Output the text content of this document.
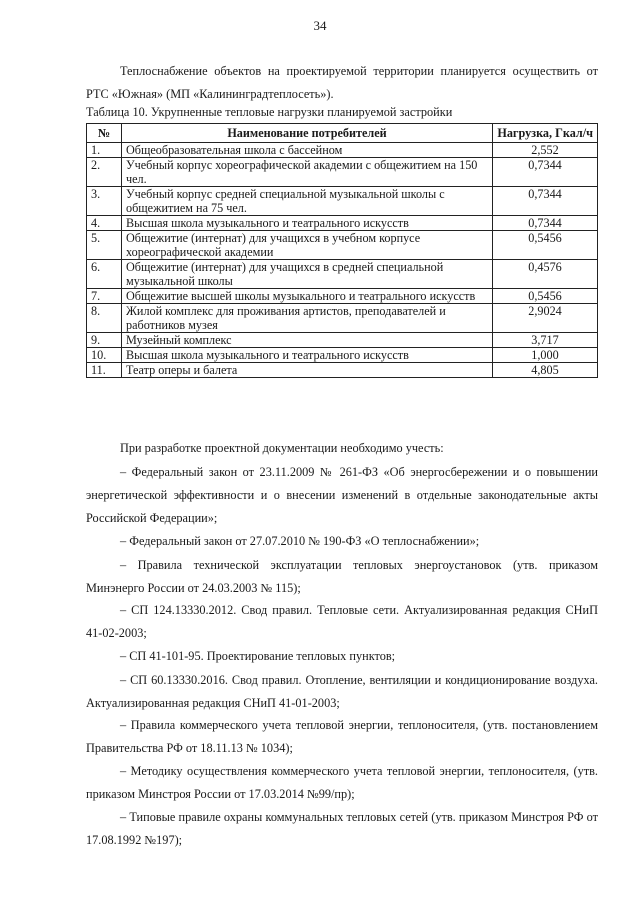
34
Теплоснабжение объектов на проектируемой территории планируется осуществить от РТС «Южная» (МП «Калининградтеплосеть»).
Таблица 10. Укрупненные тепловые нагрузки планируемой застройки
№	Наименование потребителей	Нагрузка, Гкал/ч
1.	Общеобразовательная школа с бассейном	2,552
2.	Учебный корпус хореографической академии с общежитием на 150 чел.	0,7344
3.	Учебный корпус средней специальной музыкальной школы с общежитием на 75 чел.	0,7344
4.	Высшая школа музыкального и театрального искусств	0,7344
5.	Общежитие (интернат) для учащихся в учебном корпусе хореографической академии	0,5456
6.	Общежитие (интернат) для учащихся в средней специальной музыкальной школы	0,4576
7.	Общежитие высшей школы музыкального и театрального искусств	0,5456
8.	Жилой комплекс для проживания артистов, преподавателей и работников музея	2,9024
9.	Музейный комплекс	3,717
10.	Высшая школа музыкального и театрального искусств	1,000
11.	Театр оперы и балета	4,805
При разработке проектной документации необходимо учесть:
– Федеральный закон от 23.11.2009 № 261-ФЗ «Об энергосбережении и о повышении энергетической эффективности и о внесении изменений в отдельные законодательные акты Российской Федерации»;
– Федеральный закон от 27.07.2010 № 190-ФЗ «О теплоснабжении»;
– Правила технической эксплуатации тепловых энергоустановок (утв. приказом Минэнерго России от 24.03.2003 № 115);
– СП 124.13330.2012. Свод правил. Тепловые сети. Актуализированная редакция СНиП 41-02-2003;
– СП 41-101-95. Проектирование тепловых пунктов;
– СП 60.13330.2016. Свод правил. Отопление, вентиляции и кондиционирование воздуха. Актуализированная редакция СНиП 41-01-2003;
– Правила коммерческого учета тепловой энергии, теплоносителя, (утв. постановлением Правительства РФ от 18.11.13 № 1034);
– Методику осуществления коммерческого учета тепловой энергии, теплоносителя, (утв. приказом Минстроя России от 17.03.2014 №99/пр);
– Типовые правиле охраны коммунальных тепловых сетей (утв. приказом Минстроя РФ от 17.08.1992 №197);
